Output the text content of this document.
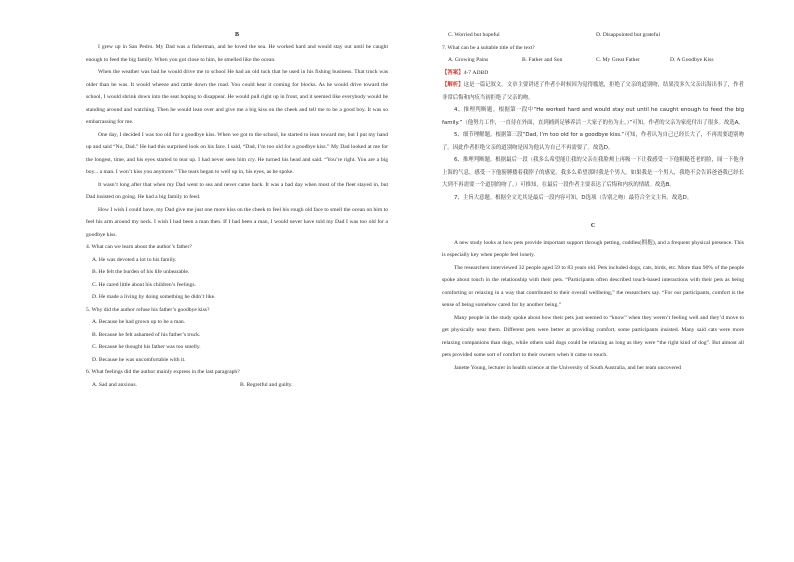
B

I grew up in San Pedro. My Dad was a fisherman, and he loved the sea. He worked hard and would stay out until he caught enough to feed the big family. When you got close to him, he smelled like the ocean.

When the weather was bad he would drive me to school He had an old tuck that he used in his fishing business. That truck was older than he was. It would wheeze and rattle down the road. You could hear it coming for blocks. As he would drive toward the school, I would shrink down into the seat hoping to disappear. He would pull right up in front, and it seemed like everybody would be standing around and watching. Then he would lean over and give me a big kiss on the cheek and tell me to be a good boy. It was so embarrassing for me.

One day, I decided I was too old for a goodbye kiss. When we got to the school, he started to lean toward me, but I put my hand up and said “No, Dad.” He had this surprised look on his face. I said, “Dad, I’m too old for a goodbye kiss.” My Dad looked at me for the longest, time, and his eyes started to tear up. I had never seen him cry. He turned his head and said. “You’re right. You are a big boy... a man. I won’t kiss you anymore.” The tears began to well up in, his eyes, as he spoke.

It wasn’t long after that when my Dad went to sea and never came back. It was a bad day when most of the fleet stayed in, but Dad insisted on going. He had a big family to feed.

How I wish I could have, my Dad give me just one more kiss on the cheek to feel his rough old face to smell the ocean on him to feel his arm around my neck. I wish I had been a man then. If I had been a man, I would never have told my Dad I was too old for a goodbye kiss.

4. What can we learn about the author’s father?

A. He was devoted a lot to his family.

B. He felt the burden of his life unbearable.

C. He cared little about his children’s feelings.

D. He made a living by doing something he didn’t like.

5. Why did the author refuse his father’s goodbye kiss?

A. Because he had grown up to be a man.

B. Because he felt ashamed of his father’s truck.

C. Because he thought his father was too smelly.

D. Because he was uncomfortable with it.

6. What feelings did the author mainly express in the last paragraph?

A. Sad and anxious.	B. Regretful and guilty.
C. Worried but hopeful	D. Disappointed but grateful

7. What can be a suitable title of the text?

A. Growing Pains	B. Father and Son	C. My Great Father	D. A Goodbye Kiss

【答案】4-7 ADBD

【解析】这是一篇记叙文。文章主要讲述了作者小时候因为觉得尴尬，拒绝了父亲的道别吻，结果没多久父亲出海出事了，作者非常后悔和内疚当初拒绝了父亲的吻。

4、推理判断题。根据第一段中“He worked hard and would stay out until he caught enough to feed the big family.”（他努力工作，一直待在外面，直到捕到足够养活一大家子的鱼为止。）”可知，作者的父亲为家庭付出了很多。故选A。

5、细节理解题。根据第三段“Dad, I’m too old for a goodbye kiss.”可知，作者认为自己已经长大了，不再需要道别吻了。因此作者拒绝父亲的道别吻是因为他认为自己不再需要了。故选D。

6、推理判断题。根据最后一段（我多么希望能让我的父亲在我脸颊上再吸一下让我感受一下他粗糙苍老的脸，闻一下他身上海的气息，感受一下他膀膊搂着我脖子的感觉。我多么希望那时我是个男人。如果我是一个男人，我绝不会告诉爸爸我已经长大到不再需要一个道别的吻了。）可推知，在最后一段作者主要表达了后悔和内疚的情绪。故选B。

7、主旨大意题。根据全文尤其是最后一段内容可知，D选项（告别之吻）最符合全文主旨。故选D。

C

A new study looks at how pets provide important support through petting, cuddles(拥抱), and a frequent physical presence. This is especially key when people feel lonely.

The researchers interviewed 32 people aged 59 to 83 years old. Pets included dogs, cats, birds, etc. More than 90% of the people spoke about touch in the relationship with their pets. “Participants often described touch-based interactions with their pets as being comforting or relaxing in a way that contributed to their overall wellbeing,” the researchers say. “For our participants, comfort is the sense of being somehow cared for by another being.”

Many people in the study spoke about how their pets just seemed to “know” when they weren’t feeling well and they’d move to get physically near them. Different pets were better at providing comfort, some participants insisted. Many said cats were more relaxing companions than dogs, while others said dogs could be relaxing as long as they were “the right kind of dog”. But almost all pets provided some sort of comfort to their owners when it came to touch.

Janette Young, lecturer in health science at the University of South Australia, and her team uncovered
